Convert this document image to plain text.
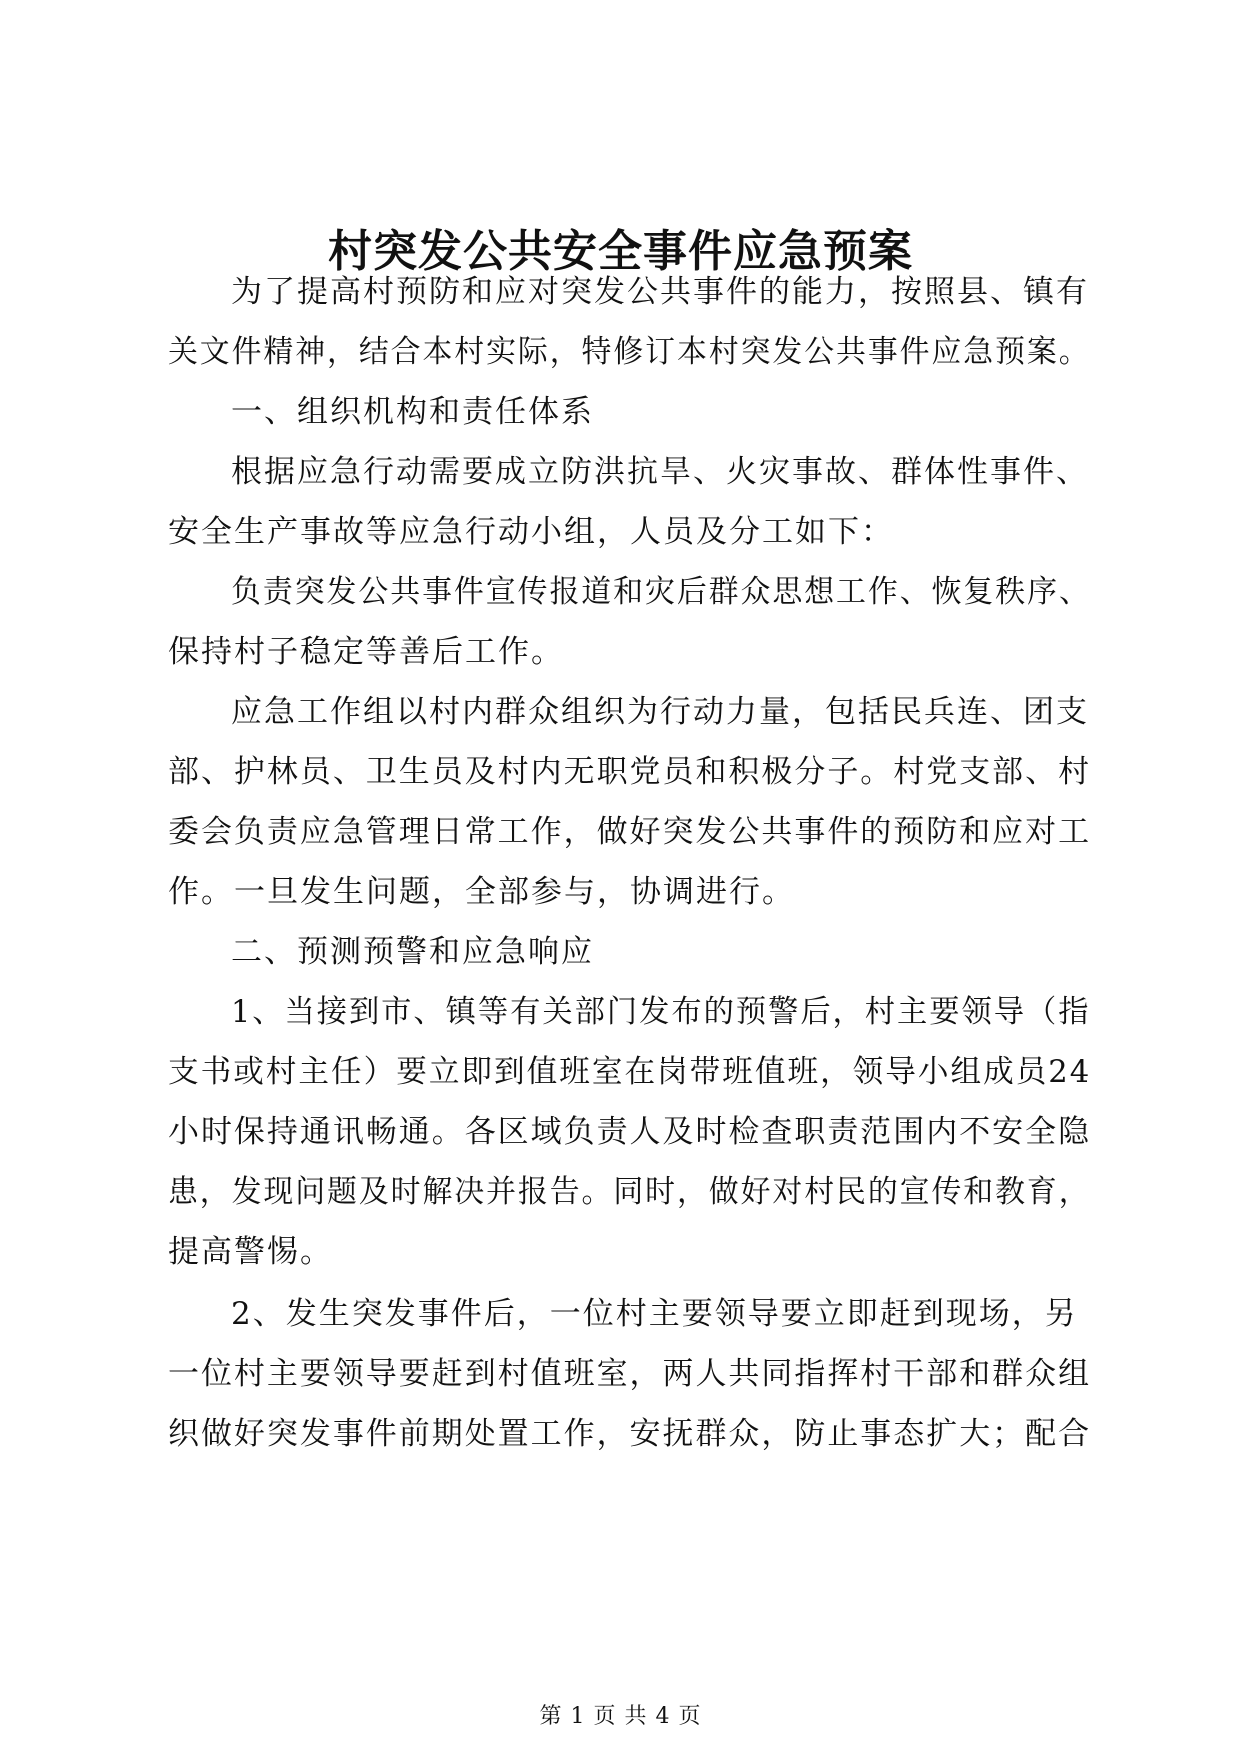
村突发公共安全事件应急预案

为了提高村预防和应对突发公共事件的能力，按照县、镇有

关文件精神，结合本村实际，特修订本村突发公共事件应急预案。

一、组织机构和责任体系

根据应急行动需要成立防洪抗旱、火灾事故、群体性事件、

安全生产事故等应急行动小组，人员及分工如下：

负责突发公共事件宣传报道和灾后群众思想工作、恢复秩序、

保持村子稳定等善后工作。

应急工作组以村内群众组织为行动力量，包括民兵连、团支

部、护林员、卫生员及村内无职党员和积极分子。村党支部、村

委会负责应急管理日常工作，做好突发公共事件的预防和应对工

作。一旦发生问题，全部参与，协调进行。

二、预测预警和应急响应

1、当接到市、镇等有关部门发布的预警后，村主要领导（指

支书或村主任）要立即到值班室在岗带班值班，领导小组成员24

小时保持通讯畅通。各区域负责人及时检查职责范围内不安全隐

患，发现问题及时解决并报告。同时，做好对村民的宣传和教育，

提高警惕。

2、发生突发事件后，一位村主要领导要立即赶到现场，另

一位村主要领导要赶到村值班室，两人共同指挥村干部和群众组

织做好突发事件前期处置工作，安抚群众，防止事态扩大；配合

第 1 页 共 4 页
